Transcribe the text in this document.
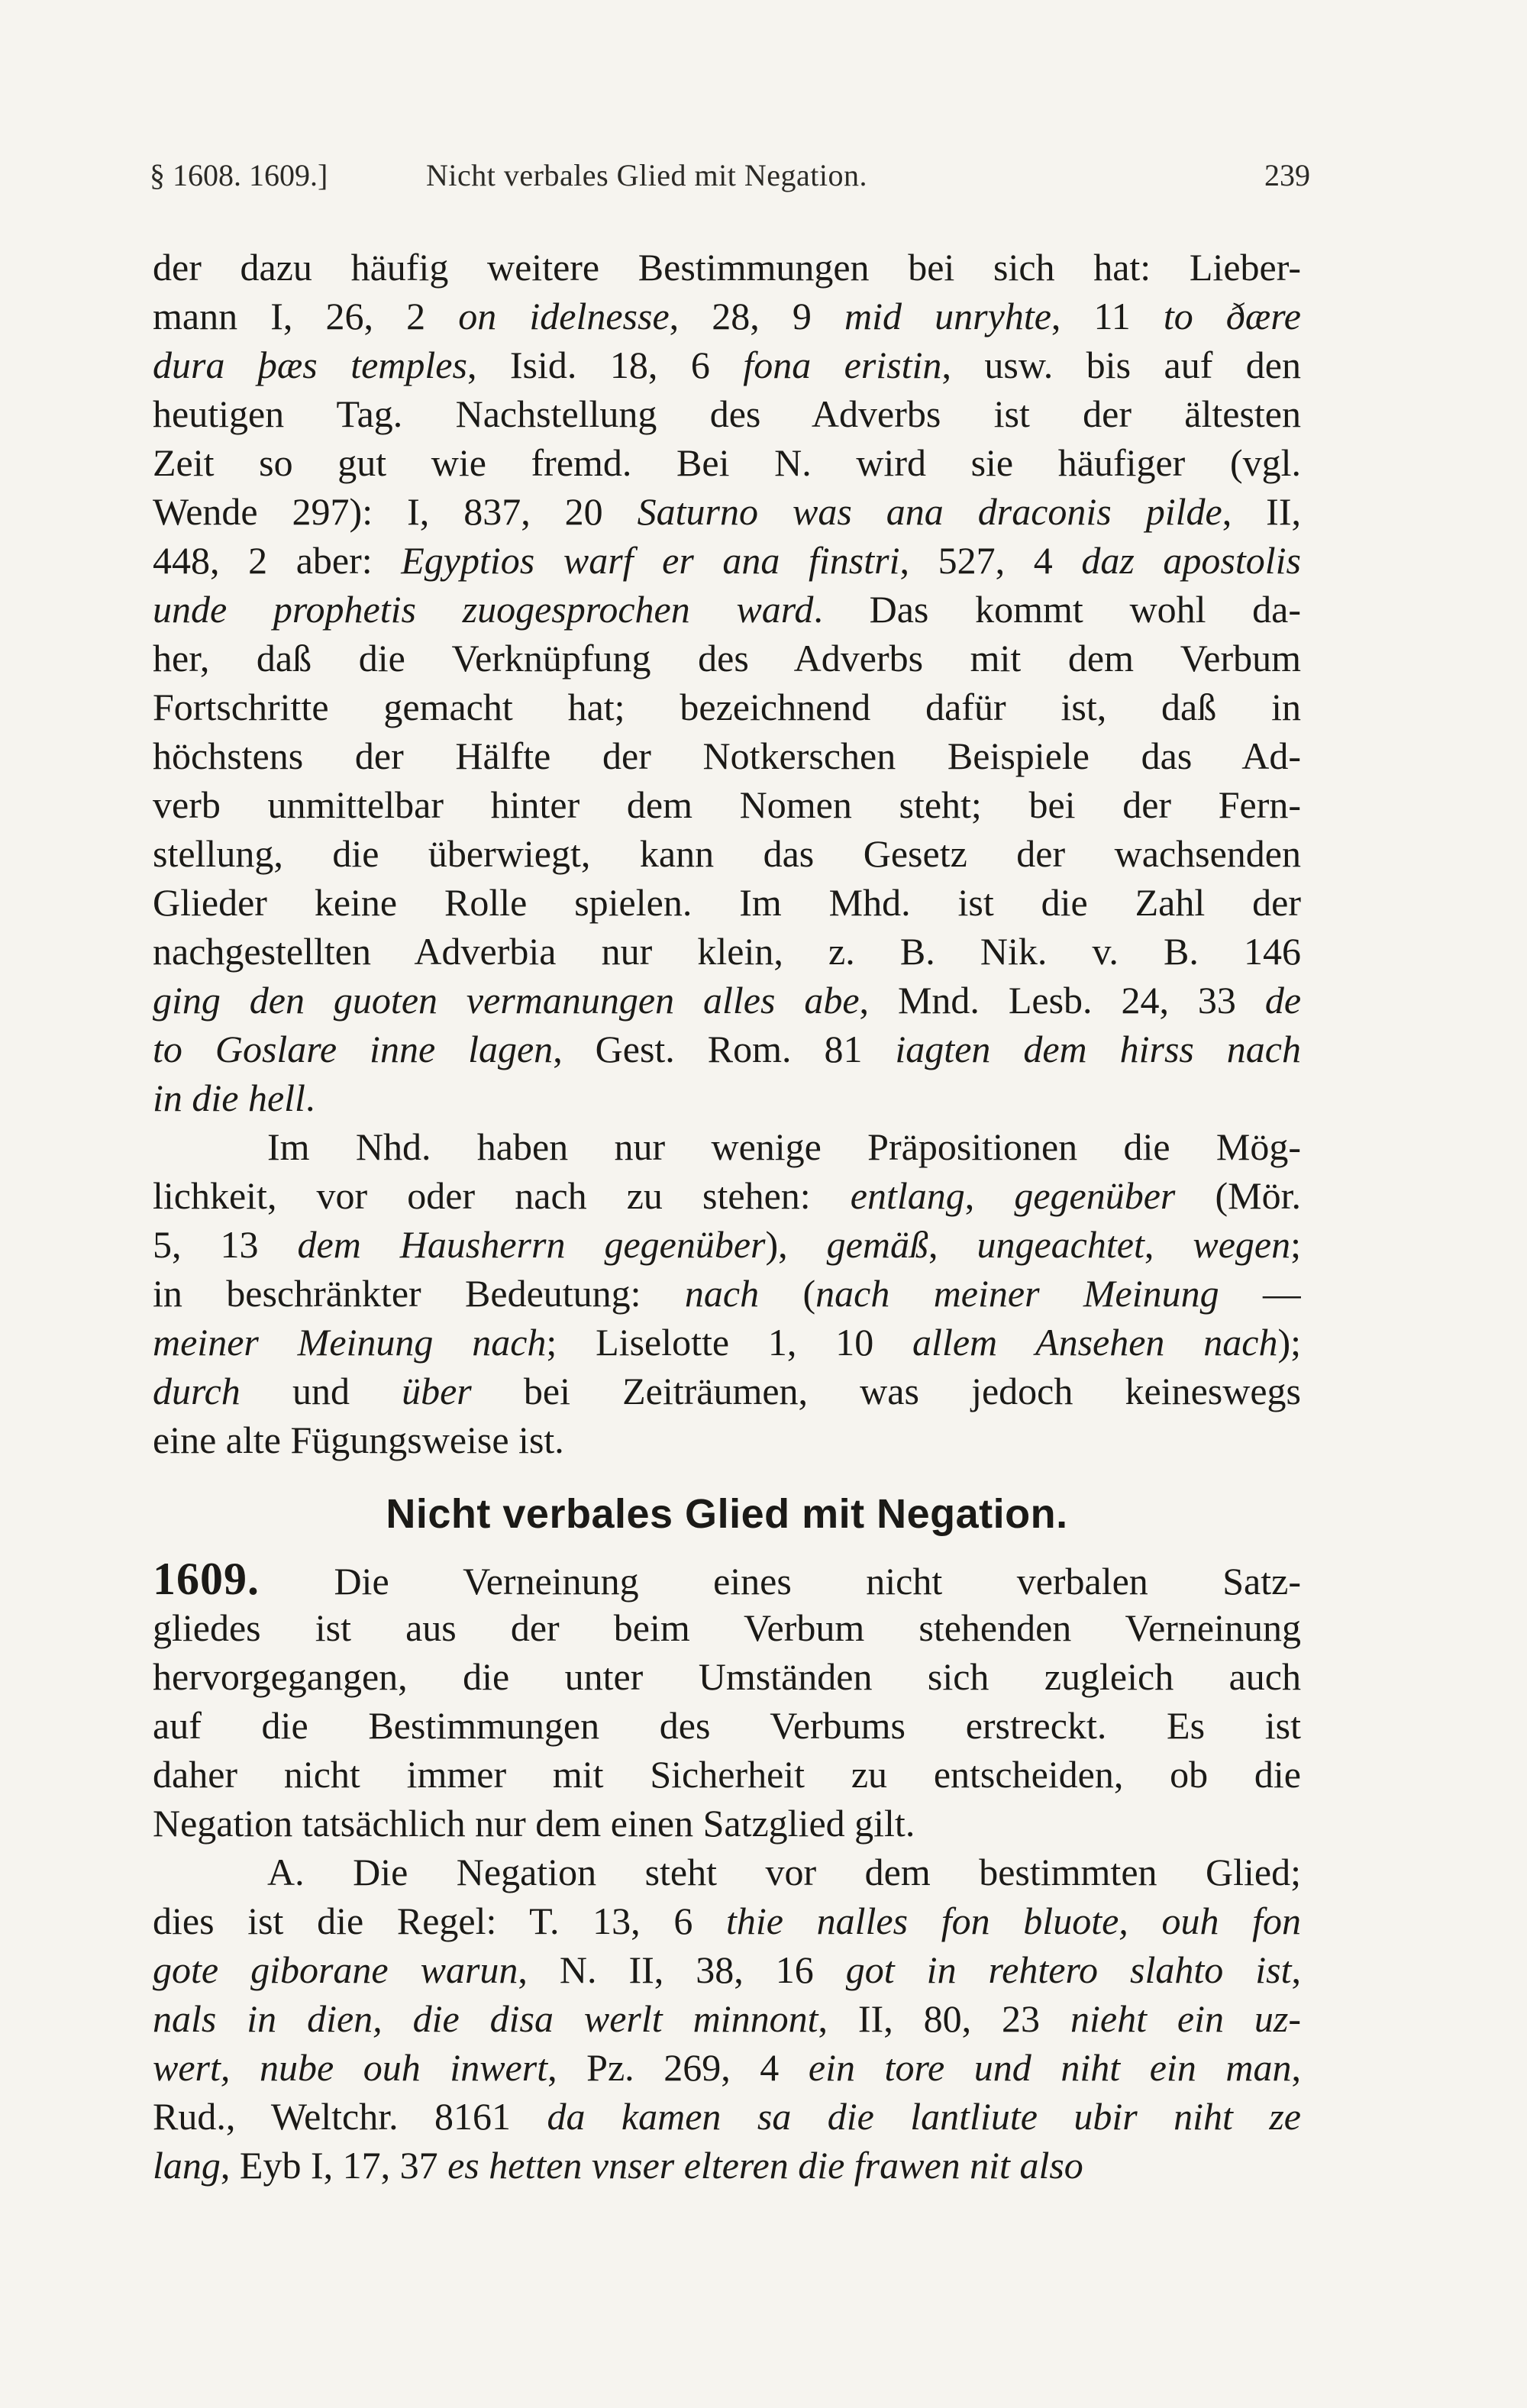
§ 1608. 1609.]	Nicht verbales Glied mit Negation.	239
der dazu häufig weitere Bestimmungen bei sich hat: Lieber-
mann I, 26, 2 on idelnesse, 28, 9 mid unryhte, 11 to ðære
dura þæs temples, Isid. 18, 6 fona eristin, usw. bis auf den
heutigen Tag. Nachstellung des Adverbs ist der ältesten
Zeit so gut wie fremd. Bei N. wird sie häufiger (vgl.
Wende 297): I, 837, 20 Saturno was ana draconis pilde, II,
448, 2 aber: Egyptios warf er ana finstri, 527, 4 daz apostolis
unde prophetis zuogesprochen ward. Das kommt wohl da-
her, daß die Verknüpfung des Adverbs mit dem Verbum
Fortschritte gemacht hat; bezeichnend dafür ist, daß in
höchstens der Hälfte der Notkerschen Beispiele das Ad-
verb unmittelbar hinter dem Nomen steht; bei der Fern-
stellung, die überwiegt, kann das Gesetz der wachsenden
Glieder keine Rolle spielen. Im Mhd. ist die Zahl der
nachgestellten Adverbia nur klein, z. B. Nik. v. B. 146
ging den guoten vermanungen alles abe, Mnd. Lesb. 24, 33 de
to Goslare inne lagen, Gest. Rom. 81 iagten dem hirss nach
in die hell.
Im Nhd. haben nur wenige Präpositionen die Mög-
lichkeit, vor oder nach zu stehen: entlang, gegenüber (Mör.
5, 13 dem Hausherrn gegenüber), gemäß, ungeachtet, wegen;
in beschränkter Bedeutung: nach (nach meiner Meinung —
meiner Meinung nach; Liselotte 1, 10 allem Ansehen nach);
durch und über bei Zeiträumen, was jedoch keineswegs
eine alte Fügungsweise ist.
Nicht verbales Glied mit Negation.
1609. Die Verneinung eines nicht verbalen Satz-
gliedes ist aus der beim Verbum stehenden Verneinung
hervorgegangen, die unter Umständen sich zugleich auch
auf die Bestimmungen des Verbums erstreckt. Es ist
daher nicht immer mit Sicherheit zu entscheiden, ob die
Negation tatsächlich nur dem einen Satzglied gilt.
A. Die Negation steht vor dem bestimmten Glied;
dies ist die Regel: T. 13, 6 thie nalles fon bluote, ouh fon
gote giborane warun, N. II, 38, 16 got in rehtero slahto ist,
nals in dien, die disa werlt minnont, II, 80, 23 nieht ein uz-
wert, nube ouh inwert, Pz. 269, 4 ein tore und niht ein man,
Rud., Weltchr. 8161 da kamen sa die lantliute ubir niht ze
lang, Eyb I, 17, 37 es hetten vnser elteren die frawen nit also
